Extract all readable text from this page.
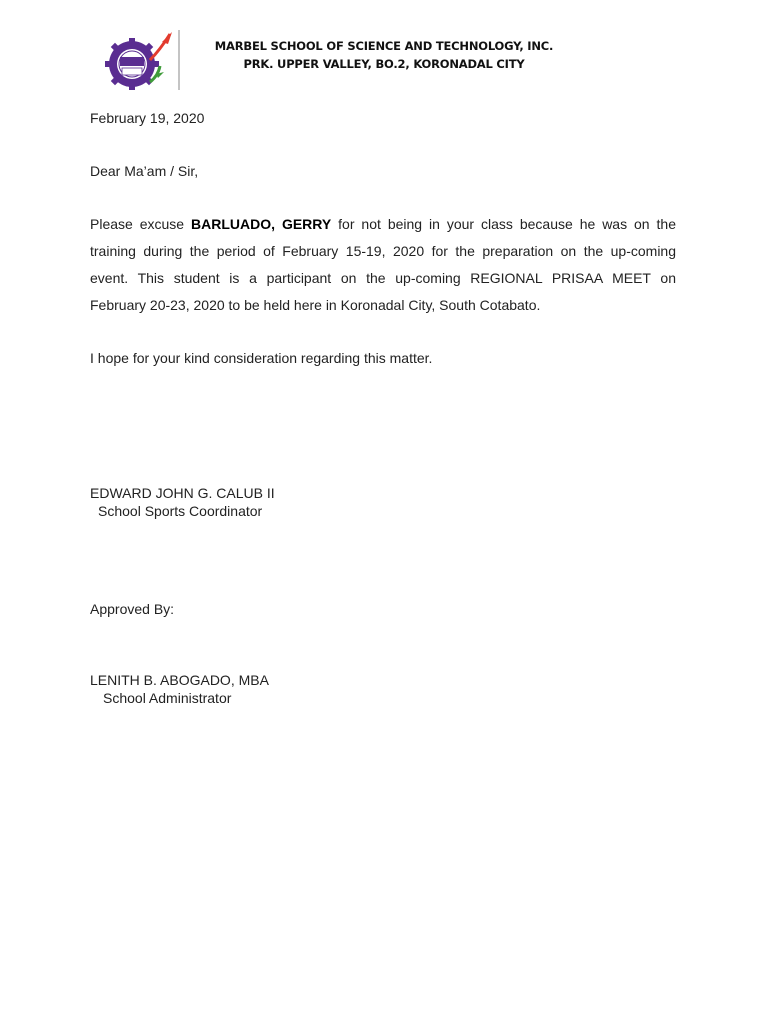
MARBEL SCHOOL OF SCIENCE AND TECHNOLOGY, INC.
PRK. UPPER VALLEY, BO.2, KORONADAL CITY
February 19, 2020
Dear Ma’am / Sir,
Please excuse BARLUADO, GERRY for not being in your class because he was on the
training during the period of February 15-19, 2020 for the preparation on the up-coming
event. This student is a participant on the up-coming REGIONAL PRISAA MEET on
February 20-23, 2020 to be held here in Koronadal City, South Cotabato.
I hope for your kind consideration regarding this matter.
EDWARD JOHN G. CALUB II
School Sports Coordinator
Approved By:
LENITH B. ABOGADO, MBA
School Administrator
